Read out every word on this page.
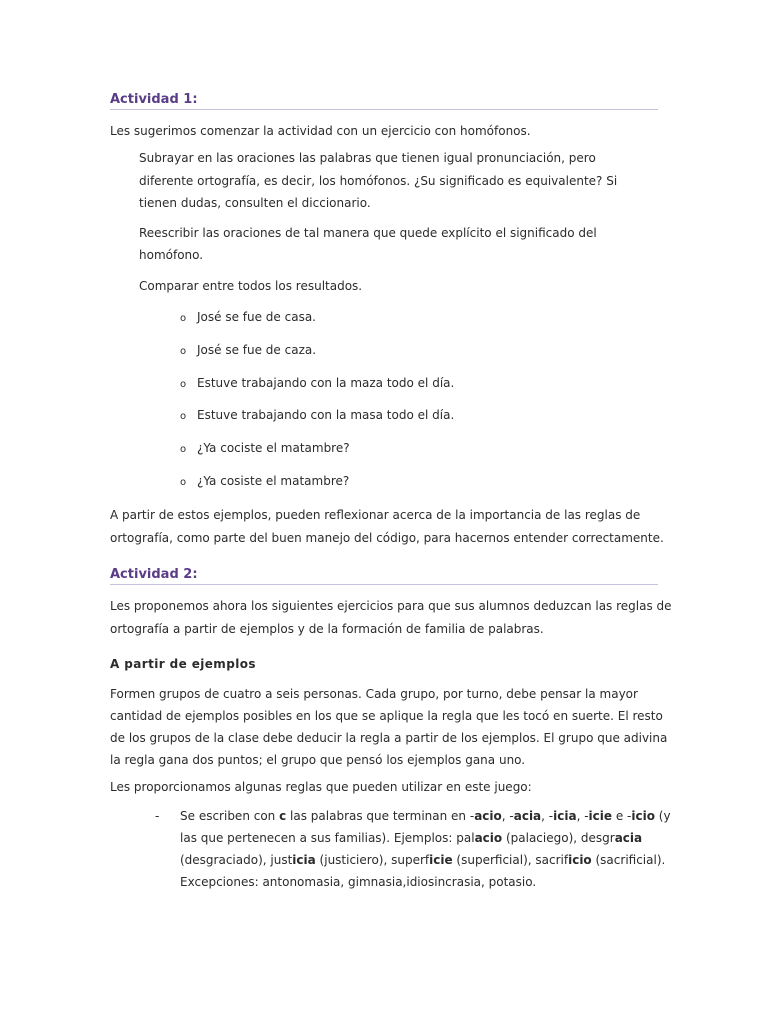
Actividad 1:
Les sugerimos comenzar la actividad con un ejercicio con homófonos.
Subrayar en las oraciones las palabras que tienen igual pronunciación, pero
diferente ortografía, es decir, los homófonos. ¿Su significado es equivalente? Si
tienen dudas, consulten el diccionario.
Reescribir las oraciones de tal manera que quede explícito el significado del
homófono.
Comparar entre todos los resultados.
o José se fue de casa.
o José se fue de caza.
o Estuve trabajando con la maza todo el día.
o Estuve trabajando con la masa todo el día.
o ¿Ya cociste el matambre?
o ¿Ya cosiste el matambre?
A partir de estos ejemplos, pueden reflexionar acerca de la importancia de las reglas de
ortografía, como parte del buen manejo del código, para hacernos entender correctamente.
Actividad 2:
Les proponemos ahora los siguientes ejercicios para que sus alumnos deduzcan las reglas de
ortografía a partir de ejemplos y de la formación de familia de palabras.
A partir de ejemplos
Formen grupos de cuatro a seis personas. Cada grupo, por turno, debe pensar la mayor
cantidad de ejemplos posibles en los que se aplique la regla que les tocó en suerte. El resto
de los grupos de la clase debe deducir la regla a partir de los ejemplos. El grupo que adivina
la regla gana dos puntos; el grupo que pensó los ejemplos gana uno.
Les proporcionamos algunas reglas que pueden utilizar en este juego:
- Se escriben con c las palabras que terminan en -acio, -acia, -icia, -icie e -icio (y
las que pertenecen a sus familias). Ejemplos: palacio (palaciego), desgracia
(desgraciado), justicia (justiciero), superficie (superficial), sacrificio (sacrificial).
Excepciones: antonomasia, gimnasia,idiosincrasia, potasio.
